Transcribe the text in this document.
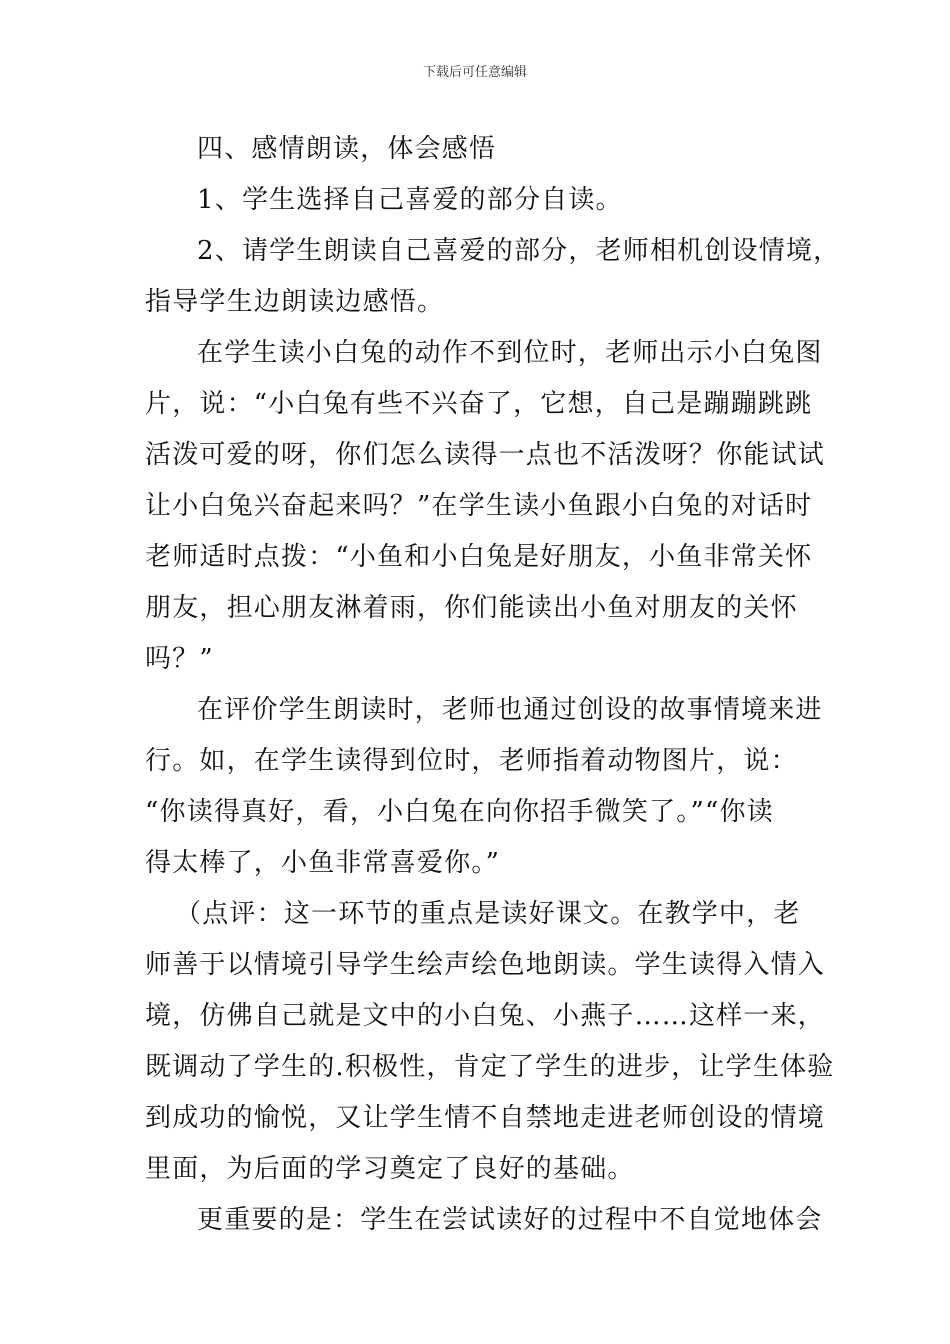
下载后可任意编辑
四、感情朗读，体会感悟
1、学生选择自己喜爱的部分自读。
2、请学生朗读自己喜爱的部分，老师相机创设情境，
指导学生边朗读边感悟。
在学生读小白兔的动作不到位时，老师出示小白兔图
片，说：“小白兔有些不兴奋了，它想，自己是蹦蹦跳跳
活泼可爱的呀，你们怎么读得一点也不活泼呀？你能试试
让小白兔兴奋起来吗？”在学生读小鱼跟小白兔的对话时
老师适时点拨：“小鱼和小白兔是好朋友，小鱼非常关怀
朋友，担心朋友淋着雨，你们能读出小鱼对朋友的关怀
吗？”
在评价学生朗读时，老师也通过创设的故事情境来进
行。如，在学生读得到位时，老师指着动物图片，说：
“你读得真好，看，小白兔在向你招手微笑了。”“你读
得太棒了，小鱼非常喜爱你。”
（点评：这一环节的重点是读好课文。在教学中，老
师善于以情境引导学生绘声绘色地朗读。学生读得入情入
境，仿佛自己就是文中的小白兔、小燕子……这样一来，
既调动了学生的.积极性，肯定了学生的进步，让学生体验
到成功的愉悦，又让学生情不自禁地走进老师创设的情境
里面，为后面的学习奠定了良好的基础。
更重要的是：学生在尝试读好的过程中不自觉地体会
